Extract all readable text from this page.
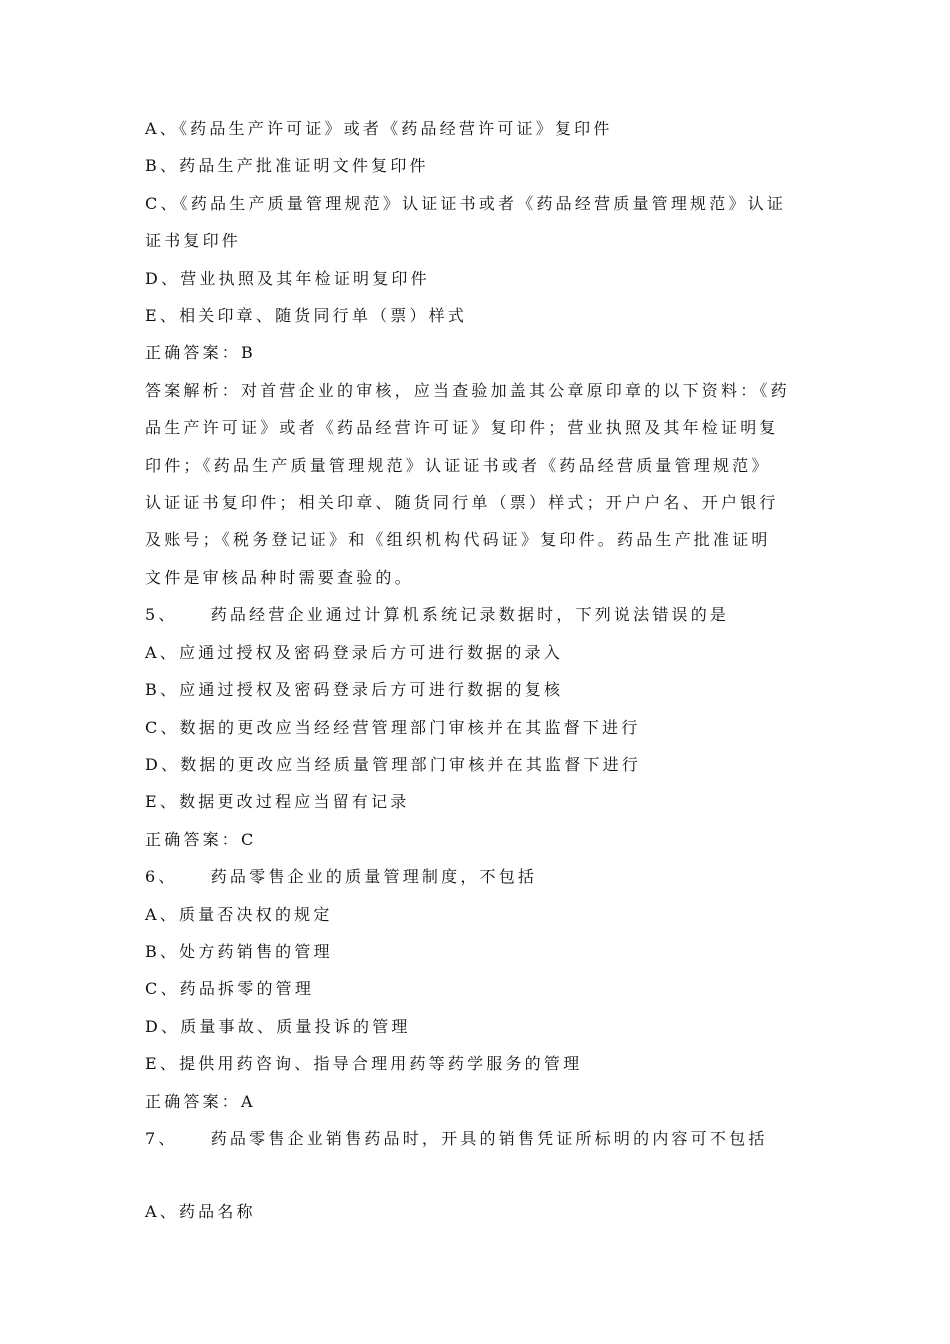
A、《药品生产许可证》或者《药品经营许可证》复印件

B、药品生产批准证明文件复印件

C、《药品生产质量管理规范》认证证书或者《药品经营质量管理规范》认证

证书复印件

D、营业执照及其年检证明复印件

E、相关印章、随货同行单（票）样式

正确答案：B

答案解析：对首营企业的审核，应当查验加盖其公章原印章的以下资料：《药
品生产许可证》或者《药品经营许可证》复印件；营业执照及其年检证明复
印件；《药品生产质量管理规范》认证证书或者《药品经营质量管理规范》
认证证书复印件；相关印章、随货同行单（票）样式；开户户名、开户银行
及账号；《税务登记证》和《组织机构代码证》复印件。药品生产批准证明
文件是审核品种时需要查验的。

5、    药品经营企业通过计算机系统记录数据时，下列说法错误的是

A、应通过授权及密码登录后方可进行数据的录入

B、应通过授权及密码登录后方可进行数据的复核

C、数据的更改应当经经营管理部门审核并在其监督下进行

D、数据的更改应当经质量管理部门审核并在其监督下进行

E、数据更改过程应当留有记录

正确答案：C

6、    药品零售企业的质量管理制度，不包括

A、质量否决权的规定

B、处方药销售的管理

C、药品拆零的管理

D、质量事故、质量投诉的管理

E、提供用药咨询、指导合理用药等药学服务的管理

正确答案：A

7、    药品零售企业销售药品时，开具的销售凭证所标明的内容可不包括

A、药品名称
